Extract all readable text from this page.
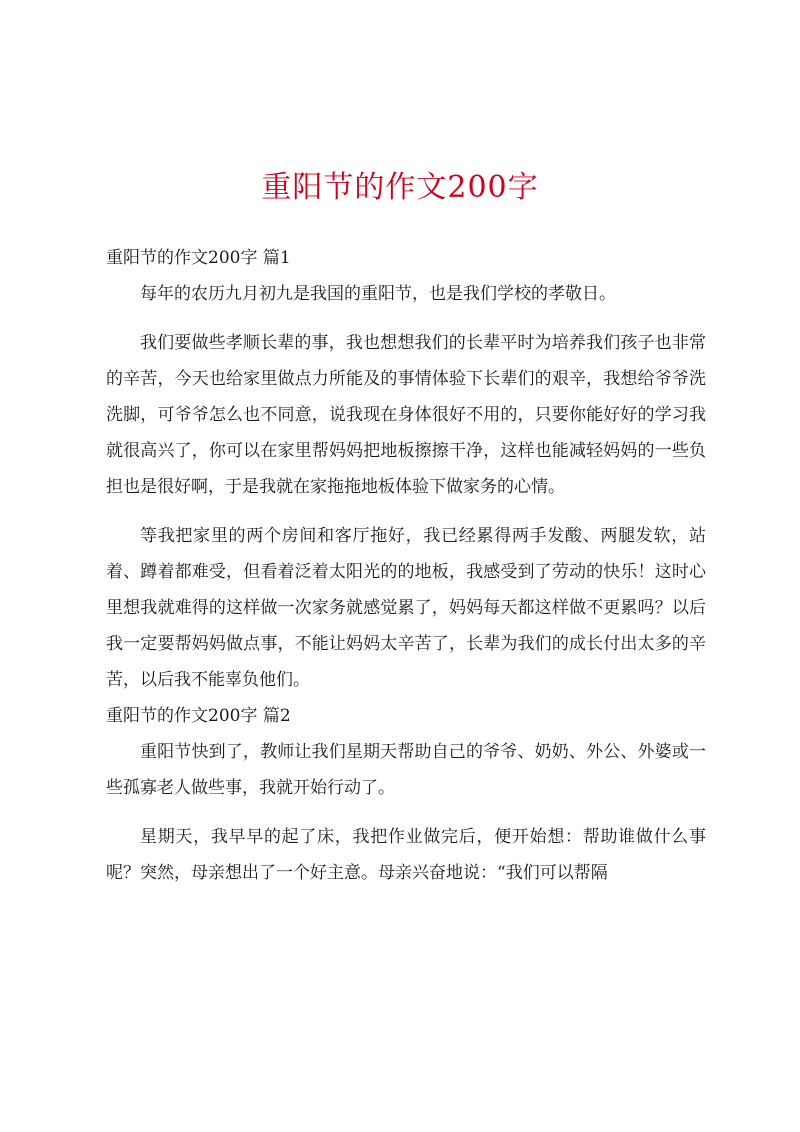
重阳节的作文200字

重阳节的作文200字 篇1

每年的农历九月初九是我国的重阳节，也是我们学校的孝敬日。

我们要做些孝顺长辈的事，我也想想我们的长辈平时为培养我们孩子也非常的辛苦，今天也给家里做点力所能及的事情体验下长辈们的艰辛，我想给爷爷洗洗脚，可爷爷怎么也不同意，说我现在身体很好不用的，只要你能好好的学习我就很高兴了，你可以在家里帮妈妈把地板擦擦干净，这样也能减轻妈妈的一些负担也是很好啊，于是我就在家拖拖地板体验下做家务的心情。

等我把家里的两个房间和客厅拖好，我已经累得两手发酸、两腿发软，站着、蹲着都难受，但看着泛着太阳光的的地板，我感受到了劳动的快乐！这时心里想我就难得的这样做一次家务就感觉累了，妈妈每天都这样做不更累吗？以后我一定要帮妈妈做点事，不能让妈妈太辛苦了，长辈为我们的成长付出太多的辛苦，以后我不能辜负他们。

重阳节的作文200字 篇2

重阳节快到了，教师让我们星期天帮助自己的爷爷、奶奶、外公、外婆或一些孤寡老人做些事，我就开始行动了。

星期天，我早早的起了床，我把作业做完后，便开始想：帮助谁做什么事呢？突然，母亲想出了一个好主意。母亲兴奋地说：“我们可以帮隔
